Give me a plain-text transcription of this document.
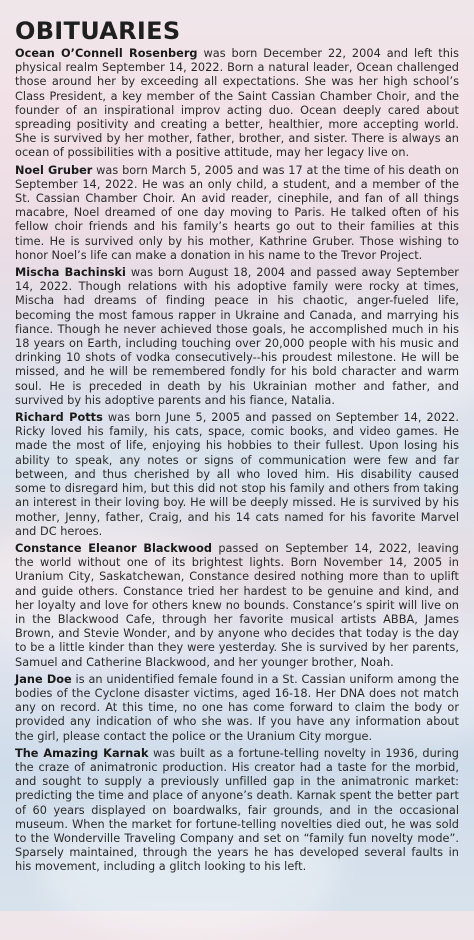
OBITUARIES

Ocean O’Connell Rosenberg was born December 22, 2004 and left this physical realm September 14, 2022. Born a natural leader, Ocean challenged those around her by exceeding all expectations. She was her high school’s Class President, a key member of the Saint Cassian Chamber Choir, and the founder of an inspirational improv acting duo. Ocean deeply cared about spreading positivity and creating a better, healthier, more accepting world. She is survived by her mother, father, brother, and sister. There is always an ocean of possibilities with a positive attitude, may her legacy live on.

Noel Gruber was born March 5, 2005 and was 17 at the time of his death on September 14, 2022. He was an only child, a student, and a member of the St. Cassian Chamber Choir. An avid reader, cinephile, and fan of all things macabre, Noel dreamed of one day moving to Paris. He talked often of his fellow choir friends and his family’s hearts go out to their families at this time. He is survived only by his mother, Kathrine Gruber. Those wishing to honor Noel’s life can make a donation in his name to the Trevor Project.

Mischa Bachinski was born August 18, 2004 and passed away September 14, 2022. Though relations with his adoptive family were rocky at times, Mischa had dreams of finding peace in his chaotic, anger-fueled life, becoming the most famous rapper in Ukraine and Canada, and marrying his fiance. Though he never achieved those goals, he accomplished much in his 18 years on Earth, including touching over 20,000 people with his music and drinking 10 shots of vodka consecutively--his proudest milestone. He will be missed, and he will be remembered fondly for his bold character and warm soul. He is preceded in death by his Ukrainian mother and father, and survived by his adoptive parents and his fiance, Natalia.

Richard Potts was born June 5, 2005 and passed on September 14, 2022. Ricky loved his family, his cats, space, comic books, and video games. He made the most of life, enjoying his hobbies to their fullest. Upon losing his ability to speak, any notes or signs of communication were few and far between, and thus cherished by all who loved him. His disability caused some to disregard him, but this did not stop his family and others from taking an interest in their loving boy. He will be deeply missed. He is survived by his mother, Jenny, father, Craig, and his 14 cats named for his favorite Marvel and DC heroes.

Constance Eleanor Blackwood passed on September 14, 2022, leaving the world without one of its brightest lights. Born November 14, 2005 in Uranium City, Saskatchewan, Constance desired nothing more than to uplift and guide others. Constance tried her hardest to be genuine and kind, and her loyalty and love for others knew no bounds. Constance’s spirit will live on in the Blackwood Cafe, through her favorite musical artists ABBA, James Brown, and Stevie Wonder, and by anyone who decides that today is the day to be a little kinder than they were yesterday. She is survived by her parents, Samuel and Catherine Blackwood, and her younger brother, Noah.

Jane Doe is an unidentified female found in a St. Cassian uniform among the bodies of the Cyclone disaster victims, aged 16-18. Her DNA does not match any on record. At this time, no one has come forward to claim the body or provided any indication of who she was. If you have any information about the girl, please contact the police or the Uranium City morgue.

The Amazing Karnak was built as a fortune-telling novelty in 1936, during the craze of animatronic production. His creator had a taste for the morbid, and sought to supply a previously unfilled gap in the animatronic market: predicting the time and place of anyone’s death. Karnak spent the better part of 60 years displayed on boardwalks, fair grounds, and in the occasional museum. When the market for fortune-telling novelties died out, he was sold to the Wonderville Traveling Company and set on “family fun novelty mode”. Sparsely maintained, through the years he has developed several faults in his movement, including a glitch looking to his left.
